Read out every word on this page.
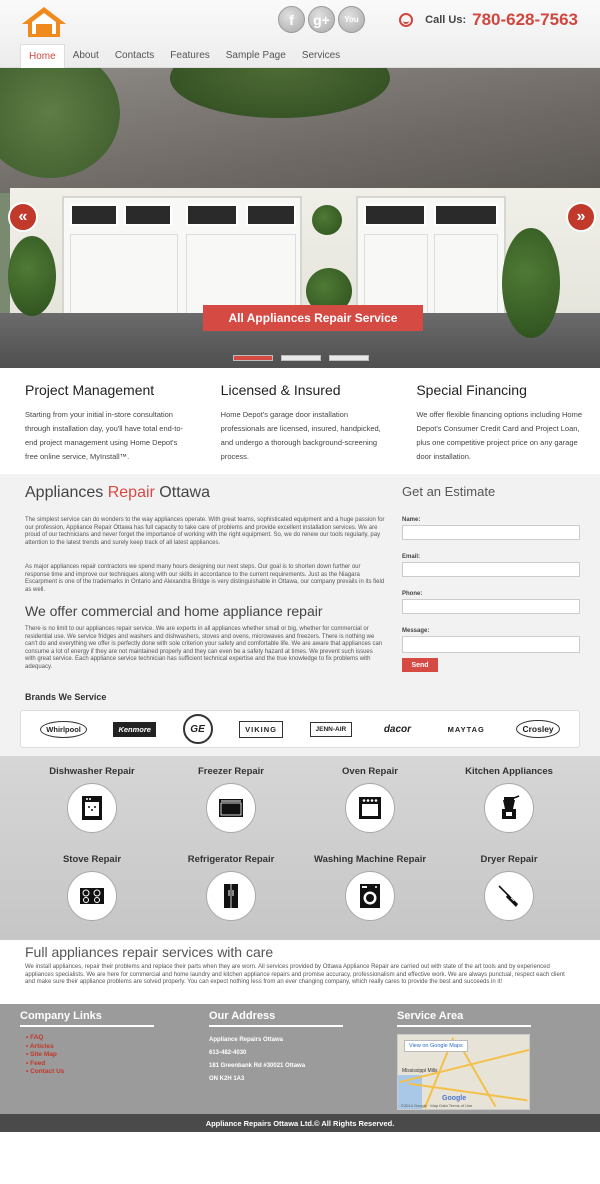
f	g+	You	Call Us: 780-628-7563
Home	About	Contacts	Features	Sample Page	Services
«	»
All Appliances Repair Service
Project Management

Starting from your initial in-store consultation through installation day, you'll have total end-to-end project management using Home Depot's free online service, MyInstall™.

Licensed & Insured

Home Depot's garage door installation professionals are licensed, insured, handpicked, and undergo a thorough background-screening process.

Special Financing

We offer flexible financing options including Home Depot's Consumer Credit Card and Project Loan, plus one competitive project price on any garage door installation.

Appliances Repair Ottawa

The simplest service can do wonders to the way appliances operate. With great teams, sophisticated equipment and a huge passion for our profession, Appliance Repair Ottawa has full capacity to take care of problems and provide excellent installation services. We are proud of our technicians and never forget the importance of working with the right equipment. So, we do renew our tools regularly, pay attention to the latest trends and surely keep track of all latest appliances.

As major appliances repair contractors we spend many hours designing our next steps. Our goal is to shorten down further our response time and improve our techniques along with our skills in accordance to the current requirements. Just as the Niagara Escarpment is one of the trademarks in Ontario and Alexandra Bridge is very distinguishable in Ottawa, our company prevails in its field as well.

We offer commercial and home appliance repair

There is no limit to our appliances repair service. We are experts in all appliances whether small or big, whether for commercial or residential use. We service fridges and washers and dishwashers, stoves and ovens, microwaves and freezers. There is nothing we can't do and everything we offer is perfectly done with sole criterion your safety and comfortable life. We are aware that appliances can consume a lot of energy if they are not maintained properly and they can even be a safety hazard at times. We prevent such issues with great service. Each appliance service technician has sufficient technical expertise and the true knowledge to fix problems with adequacy.

Brands We Service
Whirlpool	Kenmore	GE	VIKING	JENN-AIR	dacor	MAYTAG	Crosley
Get an Estimate
Name:
Email:
Phone:
Message:
Send
Dishwasher Repair	Freezer Repair	Oven Repair	Kitchen Appliances
Stove Repair	Refrigerator Repair	Washing Machine Repair	Dryer Repair
Full appliances repair services with care

We install appliances, repair their problems and replace their parts when they are worn. All services provided by Ottawa Appliance Repair are carried out with state of the art tools and by experienced appliances specialists. We are here for commercial and home laundry and kitchen appliance repairs and promise accuracy, professionalism and effective work. We are always punctual, respect each client and make sure their appliance problems are solved properly. You can expect nothing less from an ever changing company, which really cares to provide the best and succeeds in it!

Company Links
• FAQ
• Articles
• Site Map
• Feed
• Contact Us
Our Address
Appliance Repairs Ottawa
613-482-4030
181 Greenbank Rd #30021 Ottawa
ON K2H 1A3
Service Area
View on Google Maps
Mississippi Mills
Google
©2014 Google · Map Data Terms of Use
Appliance Repairs Ottawa Ltd.© All Rights Reserved.
